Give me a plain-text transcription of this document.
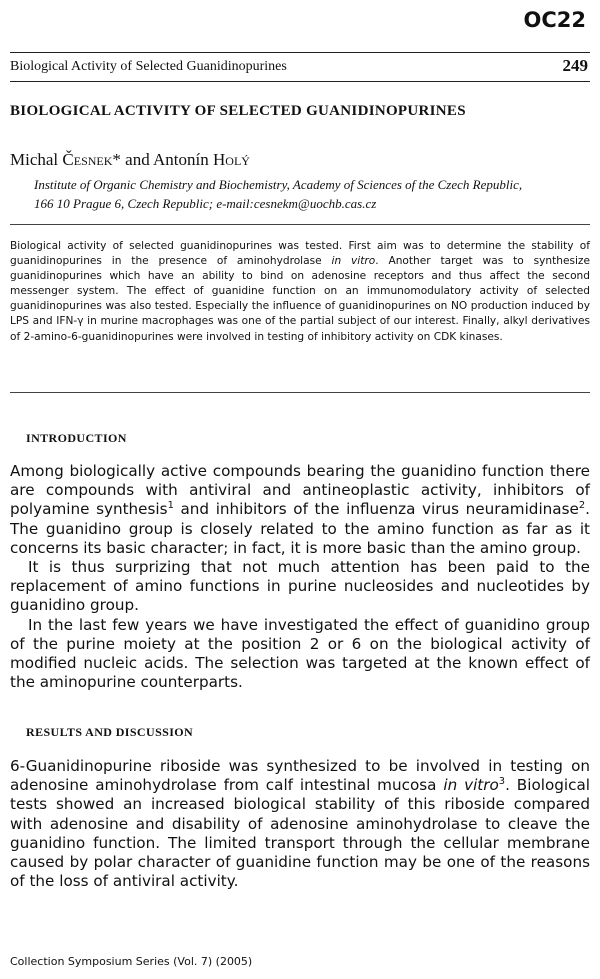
OC22
Biological Activity of Selected Guanidinopurines	249
BIOLOGICAL ACTIVITY OF SELECTED GUANIDINOPURINES
Michal Česnek* and Antonín Holý
Institute of Organic Chemistry and Biochemistry, Academy of Sciences of the Czech Republic,
166 10 Prague 6, Czech Republic; e-mail:cesnekm@uochb.cas.cz

Biological activity of selected guanidinopurines was tested. First aim was to determine the stability of guanidinopurines in the presence of aminohydrolase in vitro. Another target was to synthesize guanidinopurines which have an ability to bind on adenosine receptors and thus affect the second messenger system. The effect of guanidine function on an immunomodulatory activity of selected guanidinopurines was also tested. Especially the influence of guanidinopurines on NO production induced by LPS and IFN-γ in murine macrophages was one of the partial subject of our interest. Finally, alkyl derivatives of 2-amino-6-guanidinopurines were involved in testing of inhibitory activity on CDK kinases.

INTRODUCTION

Among biologically active compounds bearing the guanidino function there are compounds with antiviral and antineoplastic activity, inhibitors of polyamine synthesis$^1$ and inhibitors of the influenza virus neuramidinase$^2$. The guanidino group is closely related to the amino function as far as it concerns its basic character; in fact, it is more basic than the amino group.

It is thus surprizing that not much attention has been paid to the replacement of amino functions in purine nucleosides and nucleotides by guanidino group.

In the last few years we have investigated the effect of guanidino group of the purine moiety at the position 2 or 6 on the biological activity of modified nucleic acids. The selection was targeted at the known effect of the aminopurine counterparts.

RESULTS AND DISCUSSION

6-Guanidinopurine riboside was synthesized to be involved in testing on adenosine aminohydrolase from calf intestinal mucosa in vitro$^3$. Biological tests showed an increased biological stability of this riboside compared with adenosine and disability of adenosine aminohydrolase to cleave the guanidino function. The limited transport through the cellular membrane caused by polar character of guanidine function may be one of the reasons of the loss of antiviral activity.

Collection Symposium Series (Vol. 7) (2005)
